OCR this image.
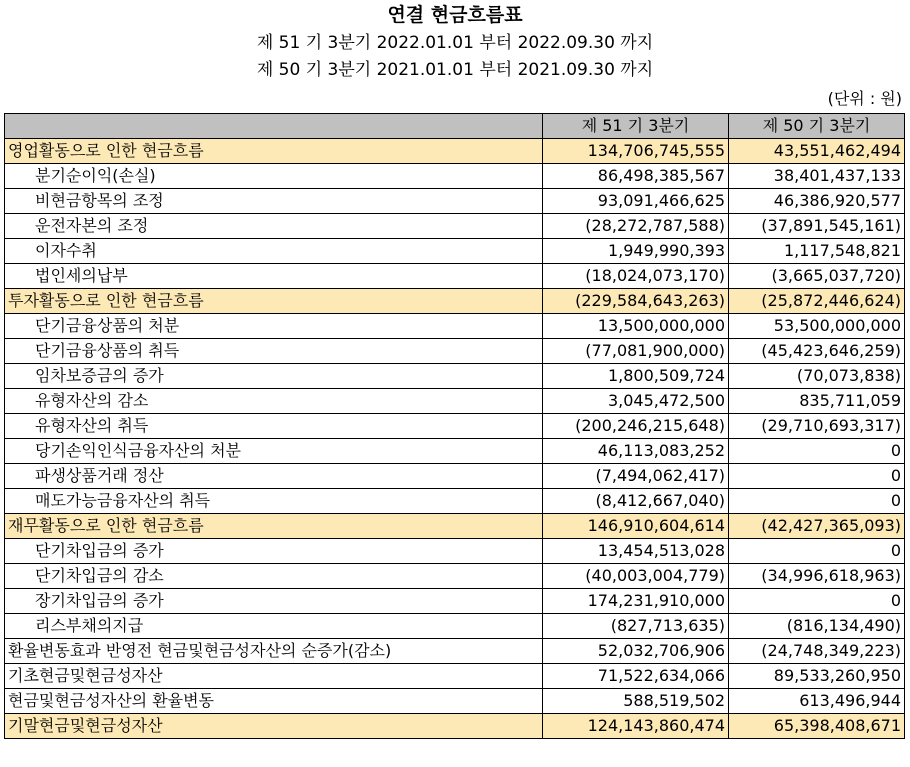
연결 현금흐름표
제 51 기 3분기 2022.01.01 부터 2022.09.30 까지
제 50 기 3분기 2021.01.01 부터 2021.09.30 까지
(단위 : 원)
	제 51 기 3분기	제 50 기 3분기
영업활동으로 인한 현금흐름	134,706,745,555	43,551,462,494
분기순이익(손실)	86,498,385,567	38,401,437,133
비현금항목의 조정	93,091,466,625	46,386,920,577
운전자본의 조정	(28,272,787,588)	(37,891,545,161)
이자수취	1,949,990,393	1,117,548,821
법인세의납부	(18,024,073,170)	(3,665,037,720)
투자활동으로 인한 현금흐름	(229,584,643,263)	(25,872,446,624)
단기금융상품의 처분	13,500,000,000	53,500,000,000
단기금융상품의 취득	(77,081,900,000)	(45,423,646,259)
임차보증금의 증가	1,800,509,724	(70,073,838)
유형자산의 감소	3,045,472,500	835,711,059
유형자산의 취득	(200,246,215,648)	(29,710,693,317)
당기손익인식금융자산의 처분	46,113,083,252	0
파생상품거래 정산	(7,494,062,417)	0
매도가능금융자산의 취득	(8,412,667,040)	0
재무활동으로 인한 현금흐름	146,910,604,614	(42,427,365,093)
단기차입금의 증가	13,454,513,028	0
단기차입금의 감소	(40,003,004,779)	(34,996,618,963)
장기차입금의 증가	174,231,910,000	0
리스부채의지급	(827,713,635)	(816,134,490)
환율변동효과 반영전 현금및현금성자산의 순증가(감소)	52,032,706,906	(24,748,349,223)
기초현금및현금성자산	71,522,634,066	89,533,260,950
현금및현금성자산의 환율변동	588,519,502	613,496,944
기말현금및현금성자산	124,143,860,474	65,398,408,671
